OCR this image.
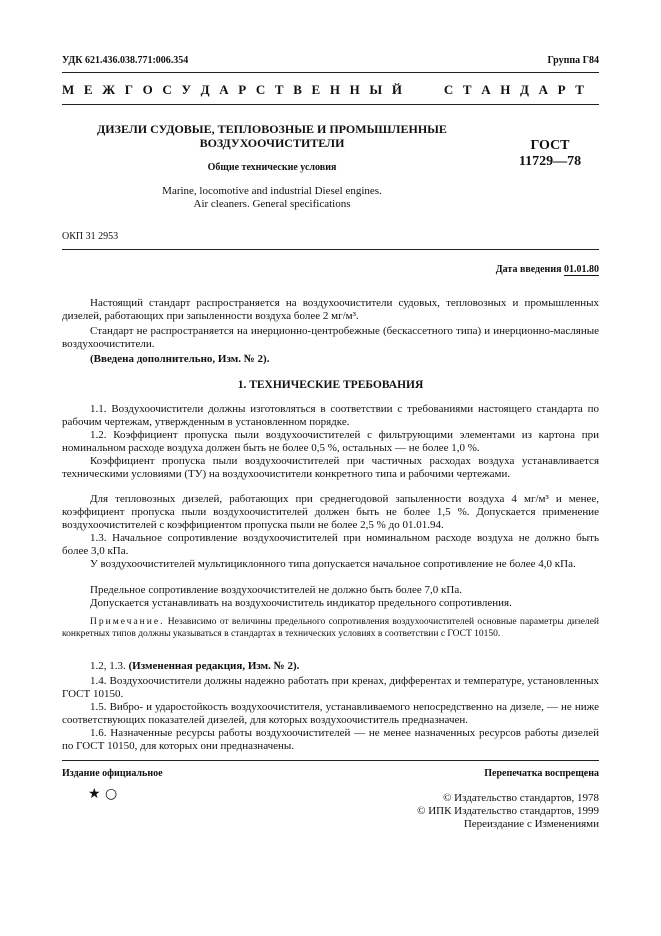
УДК 621.436.038.771:006.354	Группа Г84
М Е Ж Г О С У Д А Р С Т В Е Н Н Ы Й      С Т А Н Д А Р Т
ДИЗЕЛИ СУДОВЫЕ, ТЕПЛОВОЗНЫЕ И ПРОМЫШЛЕННЫЕ
ВОЗДУХООЧИСТИТЕЛИ
Общие технические условия
Marine, locomotive and industrial Diesel engines.
Air cleaners. General specifications
ГОСТ
11729—78
ОКП 31 2953
Дата введения 01.01.80
Настоящий стандарт распространяется на воздухоочистители судовых, тепловозных и промышленных дизелей, работающих при запыленности воздуха более 2 мг/м³.
Стандарт не распространяется на инерционно-центробежные (бескассетного типа) и инерционно-масляные воздухоочистители.
(Введена дополнительно, Изм. № 2).
1. ТЕХНИЧЕСКИЕ ТРЕБОВАНИЯ
1.1. Воздухоочистители должны изготовляться в соответствии с требованиями настоящего стандарта по рабочим чертежам, утвержденным в установленном порядке.
1.2. Коэффициент пропуска пыли воздухоочистителей с фильтрующими элементами из картона при номинальном расходе воздуха должен быть не более 0,5 %, остальных — не более 1,0 %.
Коэффициент пропуска пыли воздухоочистителей при частичных расходах воздуха устанавливается техническими условиями (ТУ) на воздухоочистители конкретного типа и рабочими чертежами.
Для тепловозных дизелей, работающих при среднегодовой запыленности воздуха 4 мг/м³ и менее, коэффициент пропуска пыли воздухоочистителей должен быть не более 1,5 %. Допускается применение воздухоочистителей с коэффициентом пропуска пыли не более 2,5 % до 01.01.94.
1.3. Начальное сопротивление воздухоочистителей при номинальном расходе воздуха не должно быть более 3,0 кПа.
У воздухоочистителей мультициклонного типа допускается начальное сопротивление не более 4,0 кПа.
Предельное сопротивление воздухоочистителей не должно быть более 7,0 кПа.
Допускается устанавливать на воздухоочиститель индикатор предельного сопротивления.
Примечание. Независимо от величины предельного сопротивления воздухоочистителей основные параметры дизелей конкретных типов должны указываться в стандартах в технических условиях в соответствии с ГОСТ 10150.
1.2, 1.3. (Измененная редакция, Изм. № 2).
1.4. Воздухоочистители должны надежно работать при кренах, дифферентах и температуре, установленных ГОСТ 10150.
1.5. Вибро- и ударостойкость воздухоочистителя, устанавливаемого непосредственно на дизеле, — не ниже соответствующих показателей дизелей, для которых воздухоочиститель предназначен.
1.6. Назначенные ресурсы работы воздухоочистителей — не менее назначенных ресурсов работы дизелей по ГОСТ 10150, для которых они предназначены.
Издание официальное	Перепечатка воспрещена
★ ○	© Издательство стандартов, 1978
© ИПК Издательство стандартов, 1999
Переиздание с Изменениями
